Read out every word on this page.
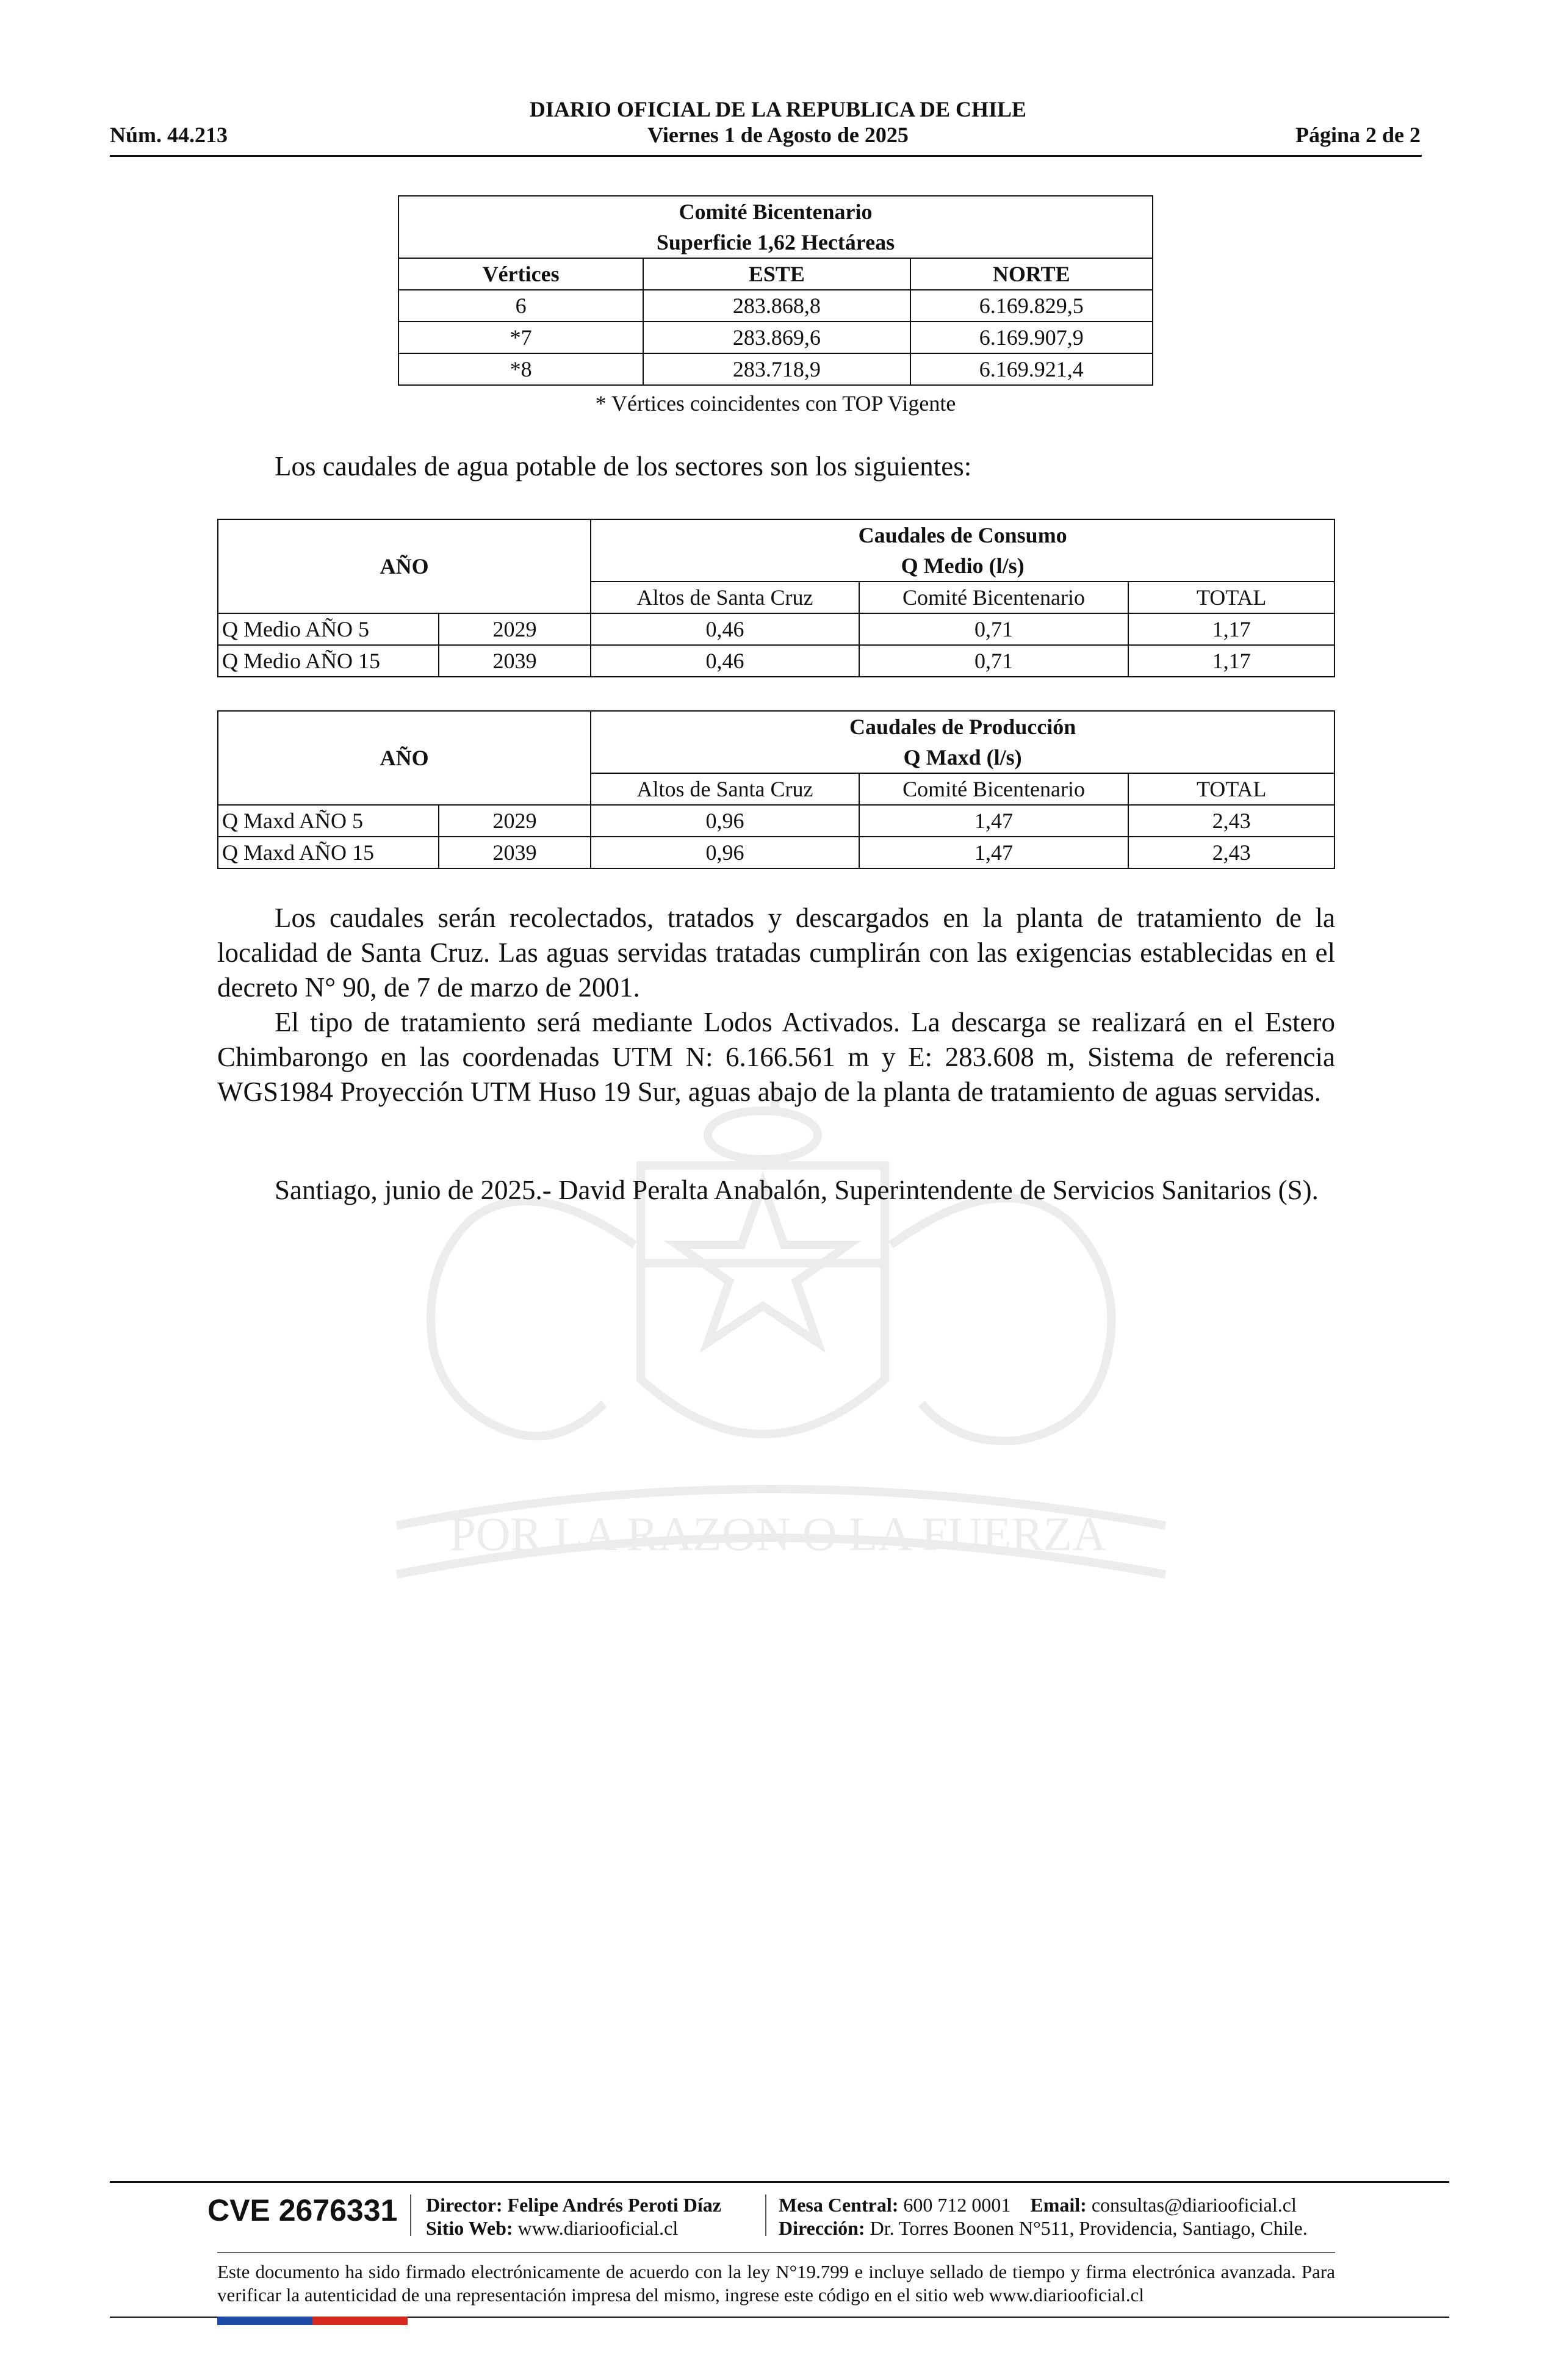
DIARIO OFICIAL DE LA REPUBLICA DE CHILE
Núm. 44.213	Viernes 1 de Agosto de 2025	Página 2 de 2
POR LA RAZON O LA FUERZA
Comité Bicentenario		
Superficie 1,62 Hectáreas		
Vértices	ESTE	NORTE
6	283.868,8	6.169.829,5
*7	283.869,6	6.169.907,9
*8	283.718,9	6.169.921,4
* Vértices coincidentes con TOP Vigente
Los caudales de agua potable de los sectores son los siguientes:
AÑO		Caudales de Consumo		
		Q Medio (l/s)		
		Altos de Santa Cruz	Comité Bicentenario	TOTAL
Q Medio AÑO 5	2029	0,46	0,71	1,17
Q Medio AÑO 15	2039	0,46	0,71	1,17
AÑO		Caudales de Producción		
		Q Maxd (l/s)		
		Altos de Santa Cruz	Comité Bicentenario	TOTAL
Q Maxd AÑO 5	2029	0,96	1,47	2,43
Q Maxd AÑO 15	2039	0,96	1,47	2,43

Los caudales serán recolectados, tratados y descargados en la planta de tratamiento de la localidad de Santa Cruz. Las aguas servidas tratadas cumplirán con las exigencias establecidas en el decreto N° 90, de 7 de marzo de 2001.

El tipo de tratamiento será mediante Lodos Activados. La descarga se realizará en el Estero Chimbarongo en las coordenadas UTM N: 6.166.561 m y E: 283.608 m, Sistema de referencia WGS1984 Proyección UTM Huso 19 Sur, aguas abajo de la planta de tratamiento de aguas servidas.

Santiago, junio de 2025.- David Peralta Anabalón, Superintendente de Servicios Sanitarios (S).

CVE 2676331 Director: Felipe Andrés Peroti Díaz
Sitio Web: www.diariooficial.cl
Mesa Central: 600 712 0001 Email: consultas@diariooficial.cl
Dirección: Dr. Torres Boonen N°511, Providencia, Santiago, Chile.
Este documento ha sido firmado electrónicamente de acuerdo con la ley N°19.799 e incluye sellado de tiempo y firma electrónica avanzada. Para verificar la autenticidad de una representación impresa del mismo, ingrese este código en el sitio web www.diariooficial.cl
